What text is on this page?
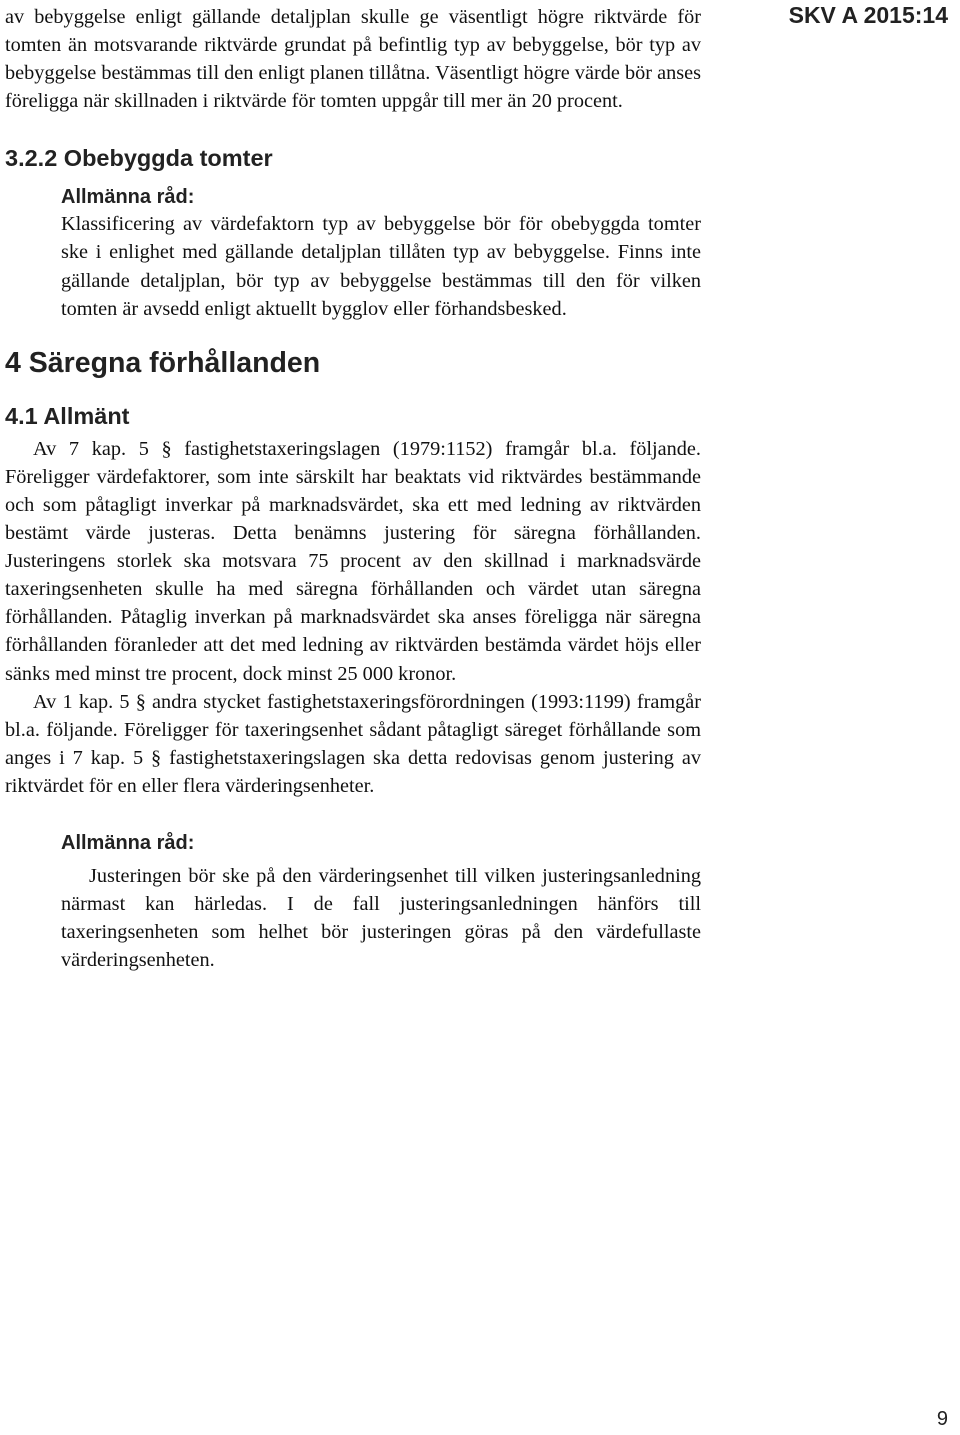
SKV A 2015:14

av bebyggelse enligt gällande detaljplan skulle ge väsentligt högre riktvärde för tomten än motsvarande riktvärde grundat på befintlig typ av bebyggelse, bör typ av bebyggelse bestämmas till den enligt planen tillåtna. Väsentligt högre värde bör anses föreligga när skillnaden i riktvärde för tomten uppgår till mer än 20 procent.

3.2.2 Obebyggda tomter
Allmänna råd:

Klassificering av värdefaktorn typ av bebyggelse bör för obebyggda tomter ske i enlighet med gällande detaljplan tillåten typ av bebyggelse. Finns inte gällande detaljplan, bör typ av bebyggelse bestämmas till den för vilken tomten är avsedd enligt aktuellt bygglov eller förhandsbesked.

4 Säregna förhållanden
4.1 Allmänt

Av 7 kap. 5 § fastighetstaxeringslagen (1979:1152) framgår bl.a. följande. Föreligger värdefaktorer, som inte särskilt har beaktats vid riktvärdes bestämmande och som påtagligt inverkar på marknadsvärdet, ska ett med ledning av riktvärden bestämt värde justeras. Detta benämns justering för säregna förhållanden. Justeringens storlek ska motsvara 75 procent av den skillnad i marknadsvärde taxeringsenheten skulle ha med säregna förhållanden och värdet utan säregna förhållanden. Påtaglig inverkan på marknadsvärdet ska anses föreligga när säregna förhållanden föranleder att det med ledning av riktvärden bestämda värdet höjs eller sänks med minst tre procent, dock minst 25 000 kronor.

Av 1 kap. 5 § andra stycket fastighetstaxeringsförordningen (1993:1199) framgår bl.a. följande. Föreligger för taxeringsenhet sådant påtagligt säreget förhållande som anges i 7 kap. 5 § fastighetstaxeringslagen ska detta redovisas genom justering av riktvärdet för en eller flera värderingsenheter.

Allmänna råd:

Justeringen bör ske på den värderingsenhet till vilken justeringsanledning närmast kan härledas. I de fall justeringsanledningen hänförs till taxeringsenheten som helhet bör justeringen göras på den värdefullaste värderingsenheten.

9
